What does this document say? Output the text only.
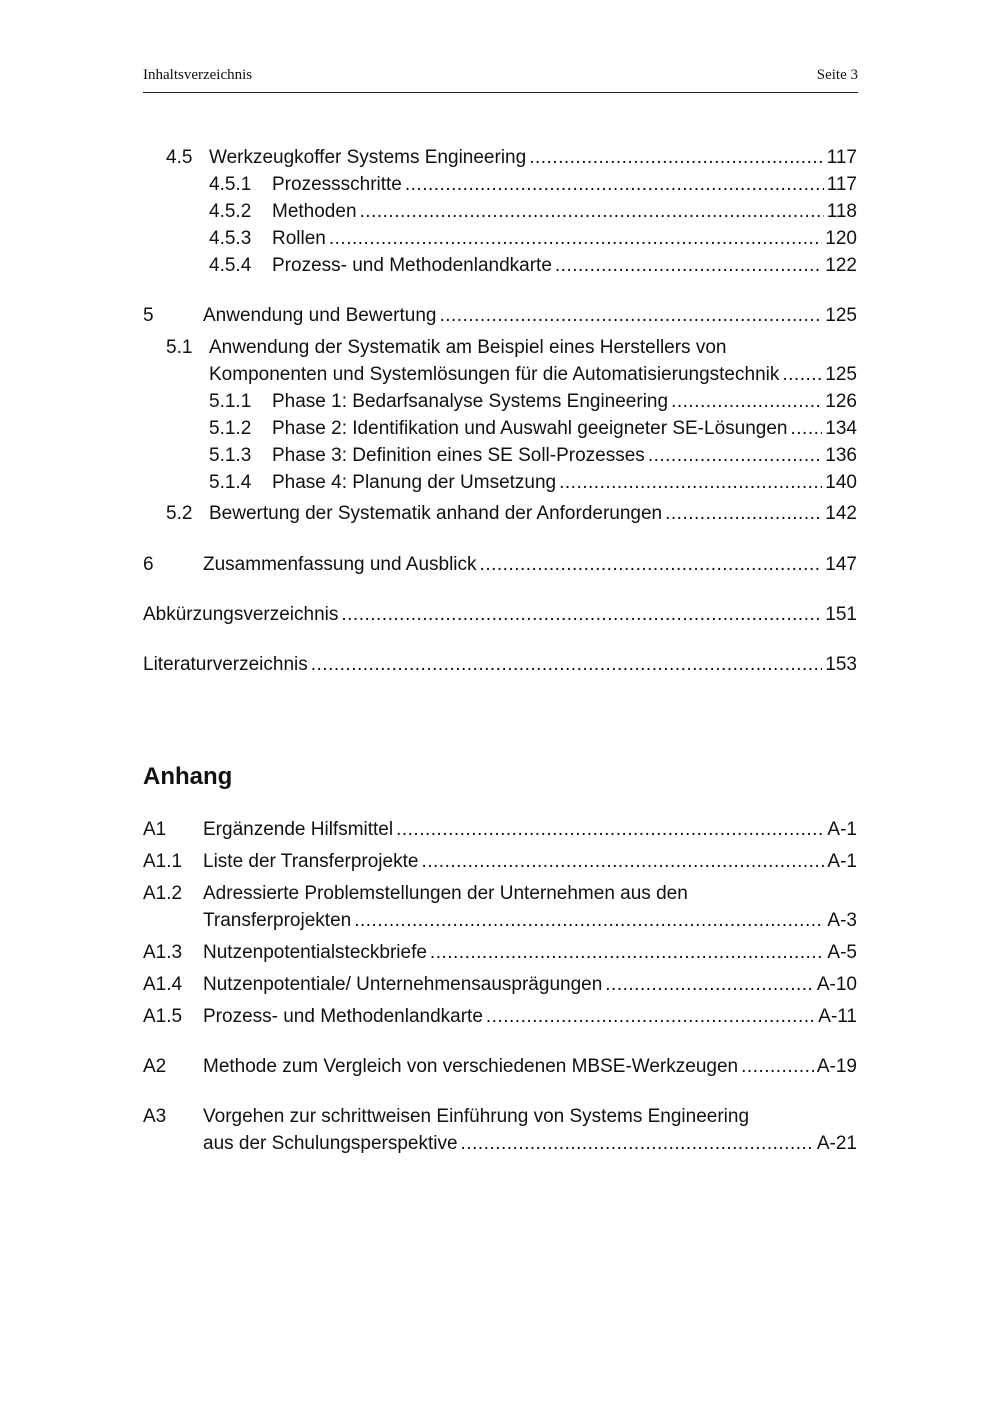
Inhaltsverzeichnis	Seite 3
4.5 Werkzeugkoffer Systems Engineering .....	117
4.5.1 Prozessschritte .....	117
4.5.2 Methoden .....	118
4.5.3 Rollen .....	120
4.5.4 Prozess- und Methodenlandkarte .....	122
5	Anwendung und Bewertung .....	125
5.1 Anwendung der Systematik am Beispiel eines Herstellers von
Komponenten und Systemlösungen für die Automatisierungstechnik ..... 125
5.1.1 Phase 1: Bedarfsanalyse Systems Engineering .....	126
5.1.2 Phase 2: Identifikation und Auswahl geeigneter SE-Lösungen ..... 134
5.1.3 Phase 3: Definition eines SE Soll-Prozesses .....	136
5.1.4 Phase 4: Planung der Umsetzung .....	140
5.2 Bewertung der Systematik anhand der Anforderungen .....	142
6	Zusammenfassung und Ausblick .....	147
Abkürzungsverzeichnis .....	151
Literaturverzeichnis .....	153
A1 Ergänzende Hilfsmittel .....	A-1
A1.1 Liste der Transferprojekte .....	A-1
A1.2 Adressierte Problemstellungen der Unternehmen aus den
Transferprojekten .....	A-3
A1.3 Nutzenpotentialsteckbriefe .....	A-5
A1.4 Nutzenpotentiale/ Unternehmensausprägungen .....	A-10
A1.5 Prozess- und Methodenlandkarte .....	A-11
A2 Methode zum Vergleich von verschiedenen MBSE-Werkzeugen .....	A-19
A3 Vorgehen zur schrittweisen Einführung von Systems Engineering
aus der Schulungsperspektive .....	A-21
Anhang
